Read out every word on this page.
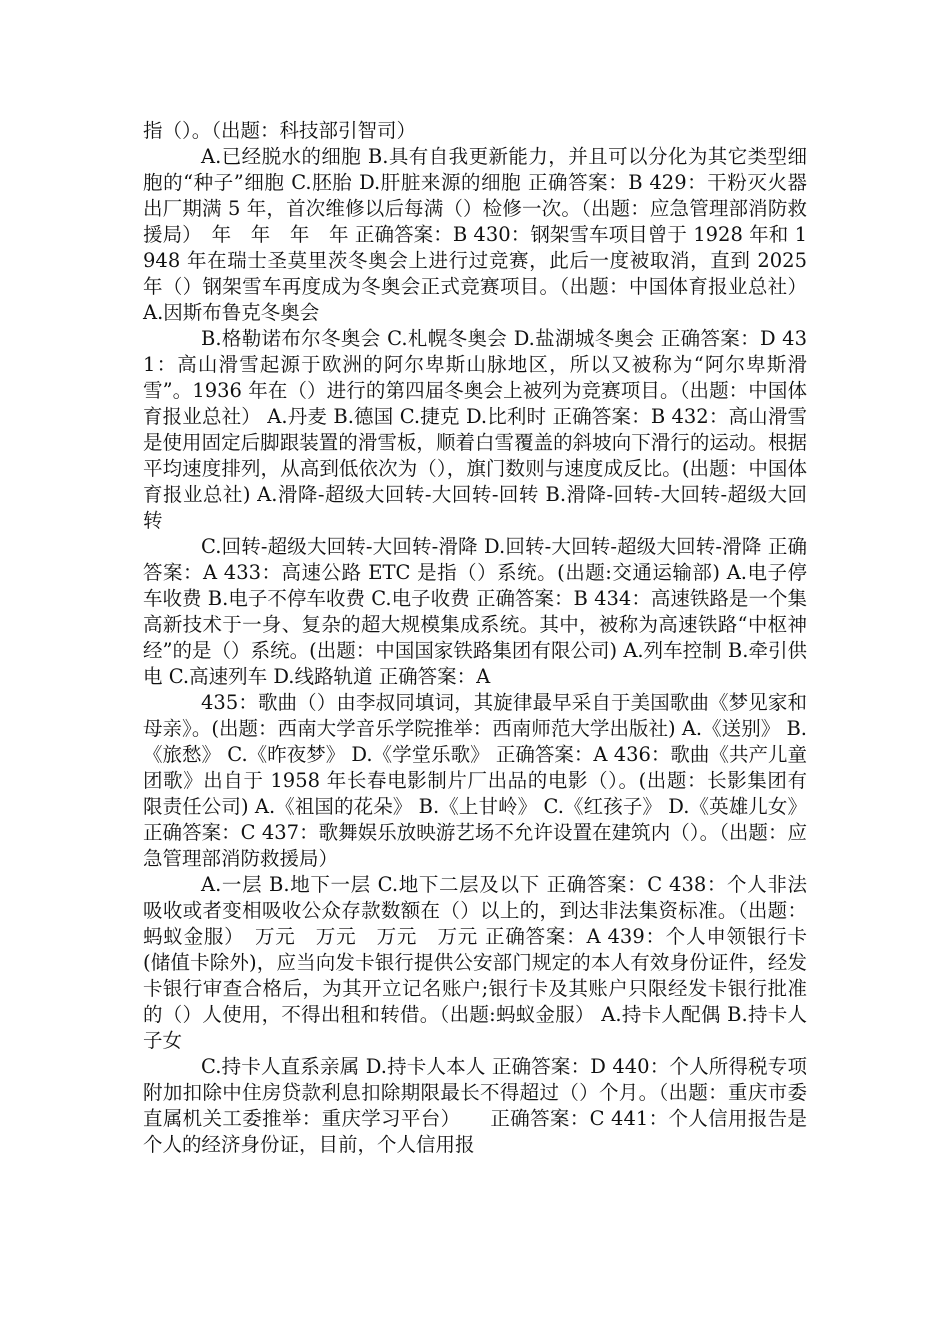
指（）。（出题：科技部引智司）

A.已经脱水的细胞 B.具有自我更新能力，并且可以分化为其它类型细胞的“种子”细胞 C.胚胎 D.肝脏来源的细胞 正确答案：B 429：干粉灭火器出厂期满 5 年，首次维修以后每满（）检修一次。（出题：应急管理部消防救援局）　年　年　年　年 正确答案：B 430：钢架雪车项目曾于 1928 年和 1948 年在瑞士圣莫里茨冬奥会上进行过竞赛，此后一度被取消，直到 2025 年（）钢架雪车再度成为冬奥会正式竞赛项目。（出题：中国体育报业总社） A.因斯布鲁克冬奥会

B.格勒诺布尔冬奥会 C.札幌冬奥会 D.盐湖城冬奥会 正确答案：D 431：高山滑雪起源于欧洲的阿尔卑斯山脉地区，所以又被称为“阿尔卑斯滑雪”。1936 年在（）进行的第四届冬奥会上被列为竞赛项目。（出题：中国体育报业总社） A.丹麦 B.德国 C.捷克 D.比利时 正确答案：B 432：高山滑雪是使用固定后脚跟装置的滑雪板，顺着白雪覆盖的斜坡向下滑行的运动。根据平均速度排列，从高到低依次为（），旗门数则与速度成反比。(出题：中国体育报业总社) A.滑降-超级大回转-大回转-回转 B.滑降-回转-大回转-超级大回转

C.回转-超级大回转-大回转-滑降 D.回转-大回转-超级大回转-滑降 正确答案：A 433：高速公路 ETC 是指（）系统。(出题:交通运输部) A.电子停车收费 B.电子不停车收费 C.电子收费 正确答案：B 434：高速铁路是一个集高新技术于一身、复杂的超大规模集成系统。其中，被称为高速铁路“中枢神经”的是（）系统。(出题：中国国家铁路集团有限公司) A.列车控制 B.牵引供电 C.高速列车 D.线路轨道 正确答案：A

435：歌曲（）由李叔同填词，其旋律最早采自于美国歌曲《梦见家和母亲》。(出题：西南大学音乐学院推举：西南师范大学出版社) A.《送别》 B.《旅愁》 C.《昨夜梦》 D.《学堂乐歌》 正确答案：A 436：歌曲《共产儿童团歌》出自于 1958 年长春电影制片厂出品的电影（）。(出题：长影集团有限责任公司) A.《祖国的花朵》 B.《上甘岭》 C.《红孩子》 D.《英雄儿女》 正确答案：C 437：歌舞娱乐放映游艺场不允许设置在建筑内（）。（出题：应急管理部消防救援局）

A.一层 B.地下一层 C.地下二层及以下 正确答案：C 438：个人非法吸收或者变相吸收公众存款数额在（）以上的，到达非法集资标准。（出题：蚂蚁金服）　万元　万元　万元　万元 正确答案：A 439：个人申领银行卡(储值卡除外)，应当向发卡银行提供公安部门规定的本人有效身份证件，经发卡银行审查合格后，为其开立记名账户;银行卡及其账户只限经发卡银行批准的（）人使用，不得出租和转借。（出题:蚂蚁金服） A.持卡人配偶 B.持卡人子女

C.持卡人直系亲属 D.持卡人本人 正确答案：D 440：个人所得税专项附加扣除中住房贷款利息扣除期限最长不得超过（）个月。（出题：重庆市委直属机关工委推举：重庆学习平台）　　正确答案：C 441：个人信用报告是个人的经济身份证，目前，个人信用报
